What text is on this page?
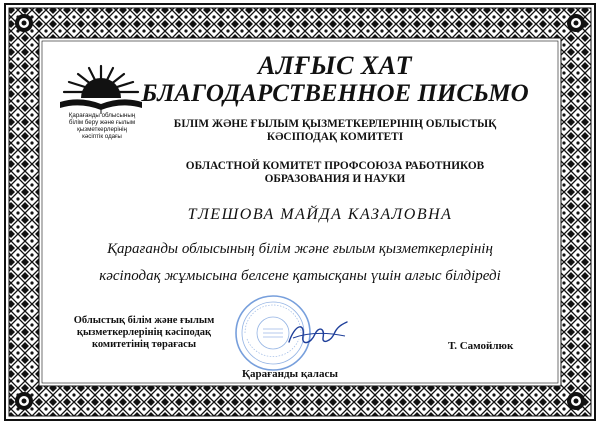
Қарағанды облысының
білім беру және ғылым
қызметкерлерінің
кәсіптік одағы
АЛҒЫС ХАТ
БЛАГОДАРСТВЕННОЕ ПИСЬМО
БІЛІМ ЖӘНЕ ҒЫЛЫМ ҚЫЗМЕТКЕРЛЕРІНІҢ ОБЛЫСТЫҚ
КӘСІПОДАҚ КОМИТЕТІ
ОБЛАСТНОЙ КОМИТЕТ ПРОФСОЮЗА РАБОТНИКОВ
ОБРАЗОВАНИЯ И НАУКИ
ТЛЕШОВА МАЙДА КАЗАЛОВНА
Қарағанды облысының білім және ғылым қызметкерлерінің
кәсіподақ жұмысына белсене қатысқаны үшін алғыс білдіреді
Облыстық білім және ғылым
қызметкерлерінің кәсіподақ
комитетінің төрағасы	Т. Самойлюк
Қарағанды қаласы
